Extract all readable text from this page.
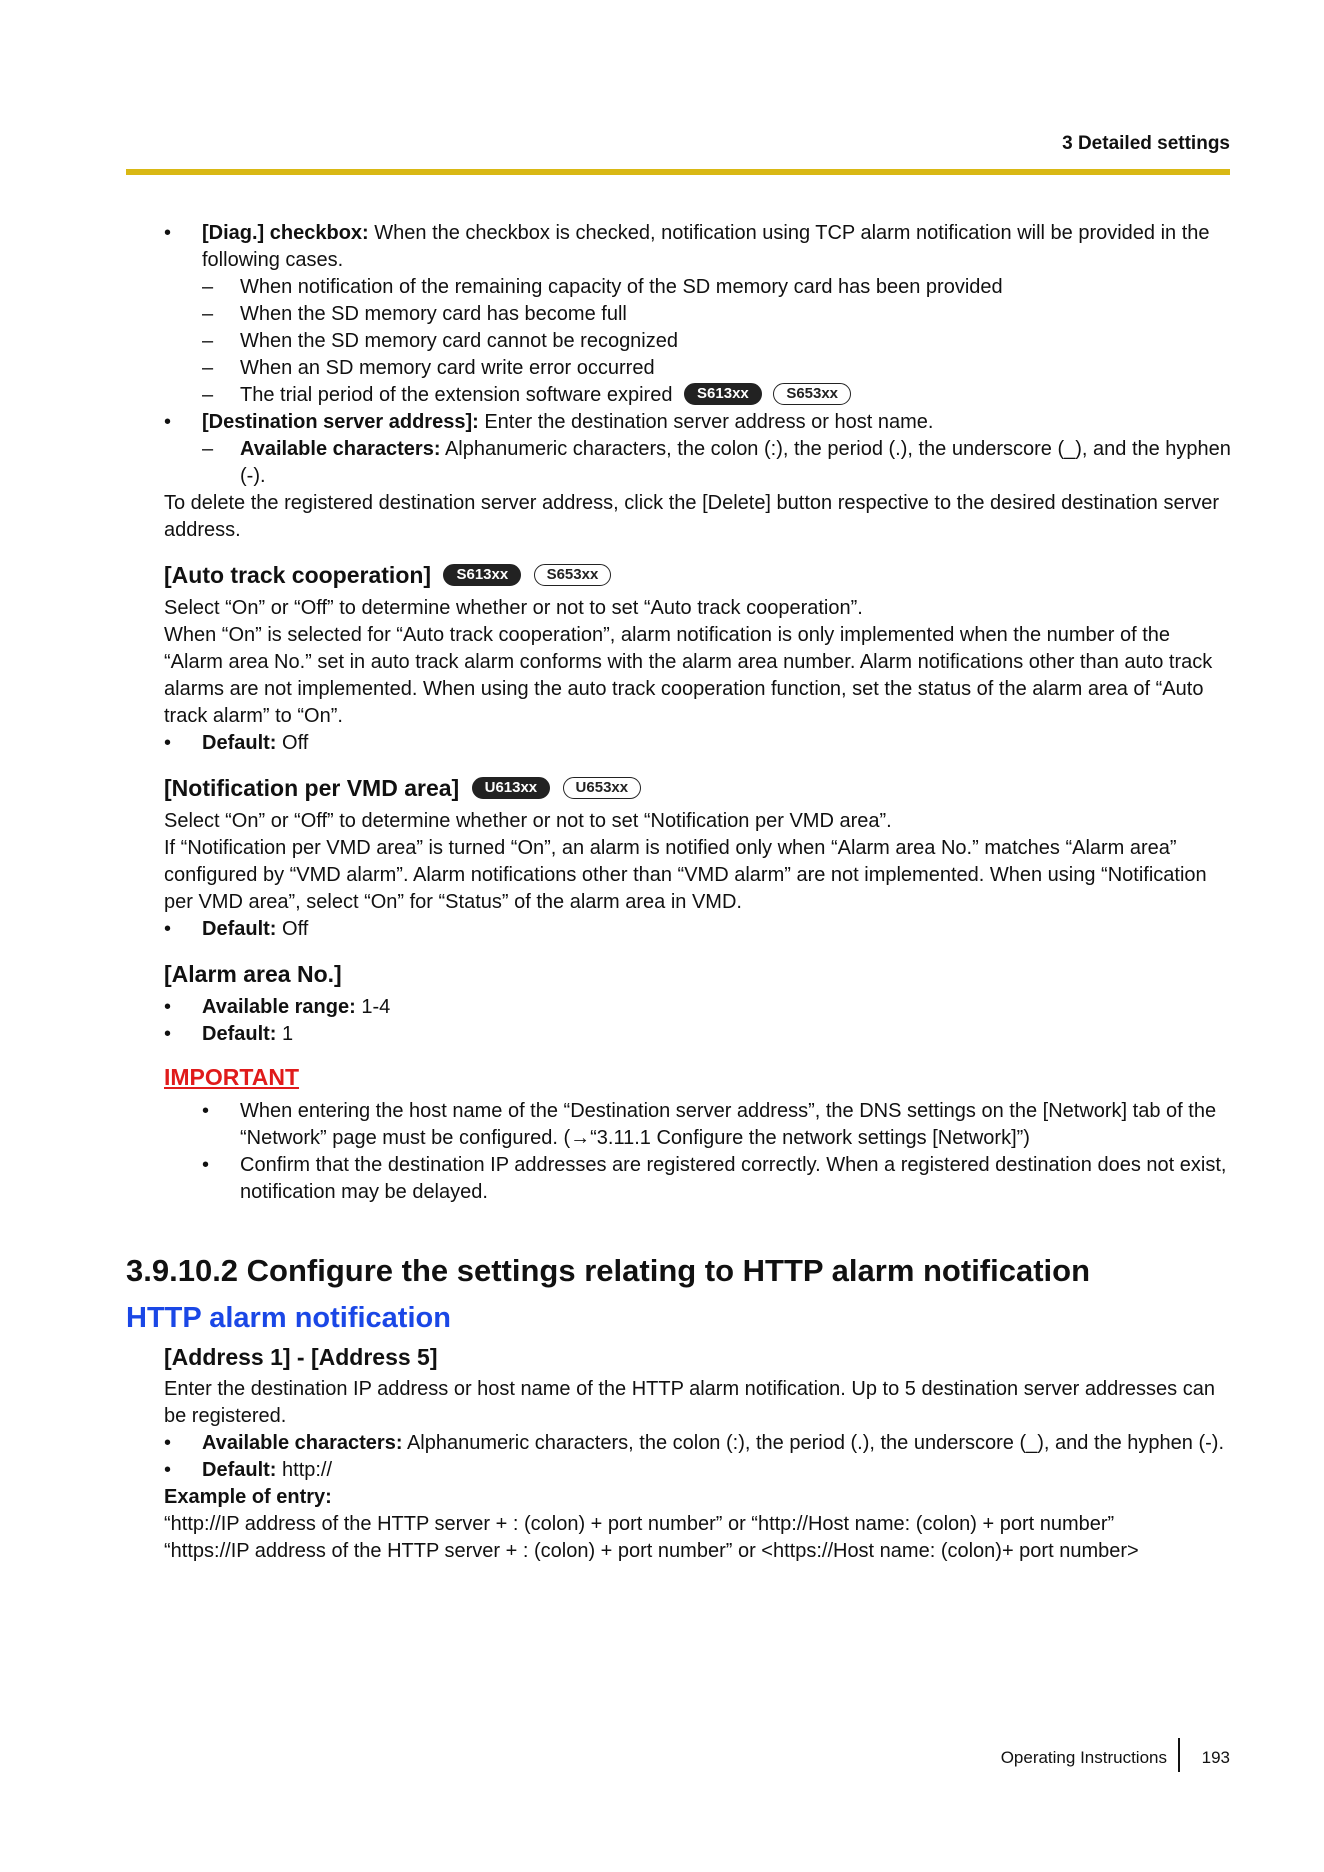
3 Detailed settings
• [Diag.] checkbox: When the checkbox is checked, notification using TCP alarm notification will be provided in the following cases.
– When notification of the remaining capacity of the SD memory card has been provided
– When the SD memory card has become full
– When the SD memory card cannot be recognized
– When an SD memory card write error occurred
– The trial period of the extension software expired S613xx	S653xx
• [Destination server address]: Enter the destination server address or host name.
– Available characters: Alphanumeric characters, the colon (:), the period (.), the underscore (_), and the hyphen (-).

To delete the registered destination server address, click the [Delete] button respective to the desired destination server address.

[Auto track cooperation] S613xx	S653xx

Select “On” or “Off” to determine whether or not to set “Auto track cooperation”.

When “On” is selected for “Auto track cooperation”, alarm notification is only implemented when the number of the “Alarm area No.” set in auto track alarm conforms with the alarm area number. Alarm notifications other than auto track alarms are not implemented. When using the auto track cooperation function, set the status of the alarm area of “Auto track alarm” to “On”.

• Default: Off
[Notification per VMD area] U613xx	U653xx

Select “On” or “Off” to determine whether or not to set “Notification per VMD area”.

If “Notification per VMD area” is turned “On”, an alarm is notified only when “Alarm area No.” matches “Alarm area” configured by “VMD alarm”. Alarm notifications other than “VMD alarm” are not implemented. When using “Notification per VMD area”, select “On” for “Status” of the alarm area in VMD.

• Default: Off
[Alarm area No.]
• Available range: 1-4
• Default: 1
IMPORTANT
• When entering the host name of the “Destination server address”, the DNS settings on the [Network] tab of the “Network” page must be configured. (→“3.11.1 Configure the network settings [Network]”)
• Confirm that the destination IP addresses are registered correctly. When a registered destination does not exist, notification may be delayed.
3.9.10.2 Configure the settings relating to HTTP alarm notification
HTTP alarm notification
[Address 1] - [Address 5]

Enter the destination IP address or host name of the HTTP alarm notification. Up to 5 destination server addresses can be registered.

• Available characters: Alphanumeric characters, the colon (:), the period (.), the underscore (_), and the hyphen (-).
• Default: http://

Example of entry:

“http://IP address of the HTTP server + : (colon) + port number” or “http://Host name: (colon) + port number”

“https://IP address of the HTTP server + : (colon) + port number” or <https://Host name: (colon)+ port number>

Operating Instructions 193
